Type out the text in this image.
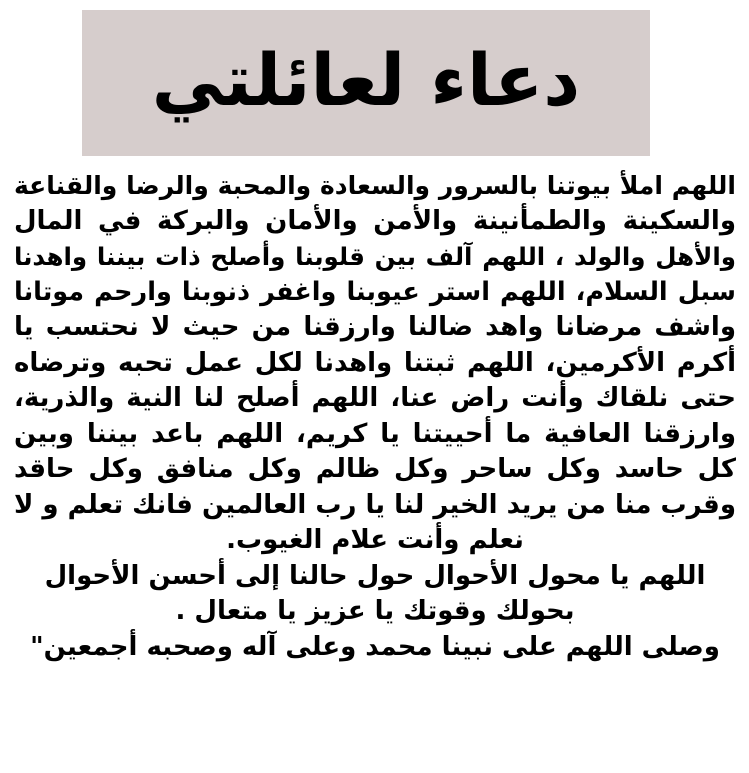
دعاء لعائلتي
اللهم املأ بيوتنا بالسرور والسعادة والمحبة والرضا والقناعة
والسكينة والطمأنينة والأمن والأمان والبركة في المال
والأهل والولد ، اللهم آلف بين قلوبنا وأصلح ذات بيننا واهدنا
سبل السلام، اللهم استر عيوبنا واغفر ذنوبنا وارحم موتانا
واشف مرضانا واهد ضالنا وارزقنا من حيث لا نحتسب يا
أكرم الأكرمين، اللهم ثبتنا واهدنا لكل عمل تحبه وترضاه
حتى نلقاك وأنت راض عنا، اللهم أصلح لنا النية والذرية،
وارزقنا العافية ما أحييتنا يا كريم، اللهم باعد بيننا وبين
كل حاسد وكل ساحر وكل ظالم وكل منافق وكل حاقد
وقرب منا من يريد الخير لنا يا رب العالمين فانك تعلم و لا
نعلم وأنت علام الغيوب.
اللهم يا محول الأحوال حول حالنا إلى أحسن الأحوال
بحولك وقوتك يا عزيز يا متعال .
وصلى اللهم على نبينا محمد وعلى آله وصحبه أجمعين"
